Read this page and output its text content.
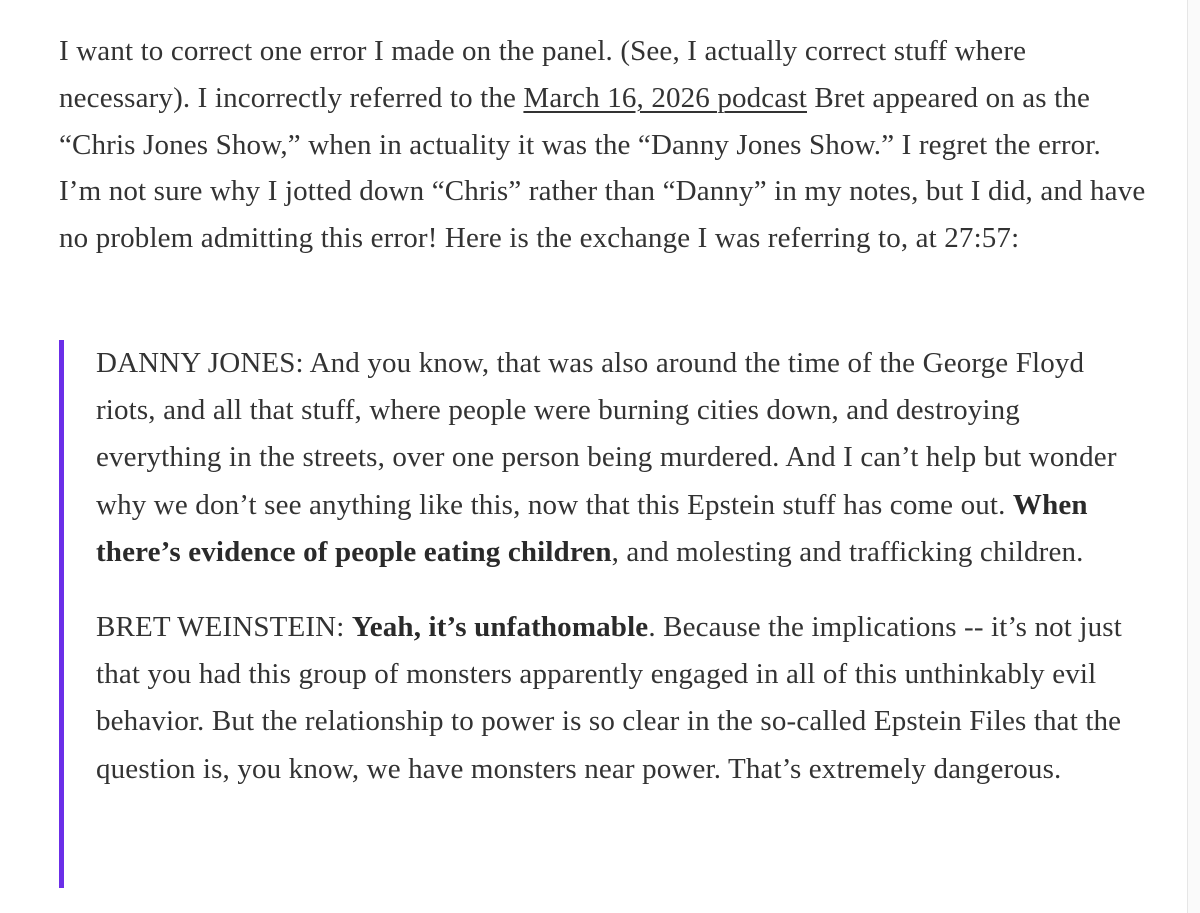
I want to correct one error I made on the panel. (See, I actually correct stuff where necessary). I incorrectly referred to the March 16, 2026 podcast Bret appeared on as the “Chris Jones Show,” when in actuality it was the “Danny Jones Show.” I regret the error. I’m not sure why I jotted down “Chris” rather than “Danny” in my notes, but I did, and have no problem admitting this error! Here is the exchange I was referring to, at 27:57:

DANNY JONES: And you know, that was also around the time of the George Floyd riots, and all that stuff, where people were burning cities down, and destroying everything in the streets, over one person being murdered. And I can’t help but wonder why we don’t see anything like this, now that this Epstein stuff has come out. When there’s evidence of people eating children, and molesting and trafficking children.

BRET WEINSTEIN: Yeah, it’s unfathomable. Because the implications -- it’s not just that you had this group of monsters apparently engaged in all of this unthinkably evil behavior. But the relationship to power is so clear in the so-called Epstein Files that the question is, you know, we have monsters near power. That’s extremely dangerous.
